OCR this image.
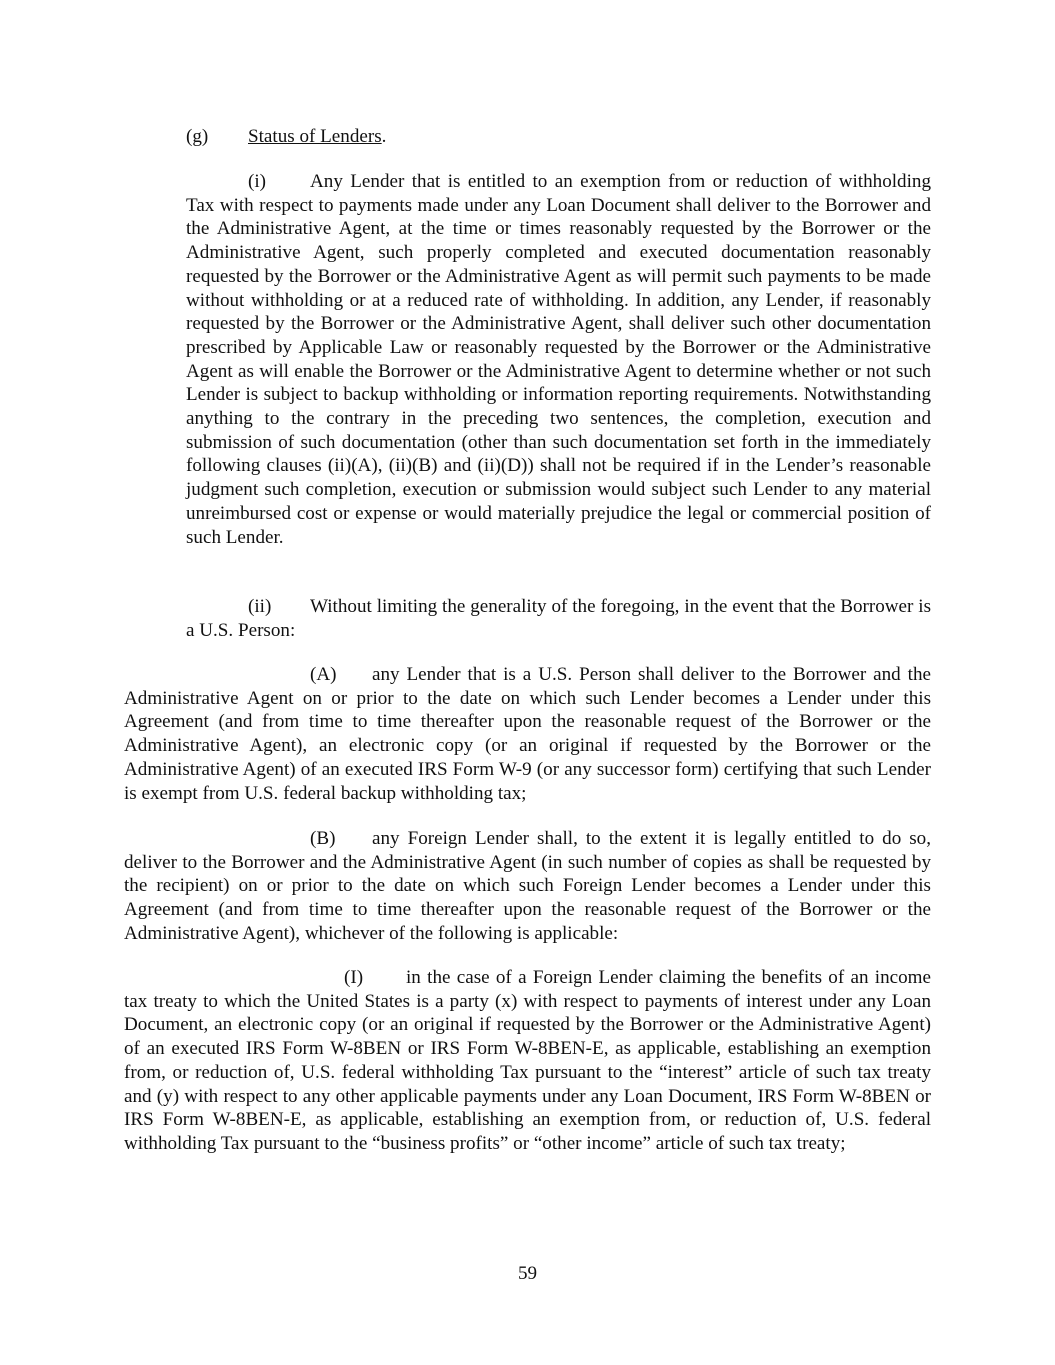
(g) Status of Lenders.

(i) Any Lender that is entitled to an exemption from or reduction of withholding Tax with respect to payments made under any Loan Document shall deliver to the Borrower and the Administrative Agent, at the time or times reasonably requested by the Borrower or the Administrative Agent, such properly completed and executed documentation reasonably requested by the Borrower or the Administrative Agent as will permit such payments to be made without withholding or at a reduced rate of withholding. In addition, any Lender, if reasonably requested by the Borrower or the Administrative Agent, shall deliver such other documentation prescribed by Applicable Law or reasonably requested by the Borrower or the Administrative Agent as will enable the Borrower or the Administrative Agent to determine whether or not such Lender is subject to backup withholding or information reporting requirements. Notwithstanding anything to the contrary in the preceding two sentences, the completion, execution and submission of such documentation (other than such documentation set forth in the immediately following clauses (ii)(A), (ii)(B) and (ii)(D)) shall not be required if in the Lender’s reasonable judgment such completion, execution or submission would subject such Lender to any material unreimbursed cost or expense or would materially prejudice the legal or commercial position of such Lender.

(ii) Without limiting the generality of the foregoing, in the event that the Borrower is a U.S. Person:

(A) any Lender that is a U.S. Person shall deliver to the Borrower and the Administrative Agent on or prior to the date on which such Lender becomes a Lender under this Agreement (and from time to time thereafter upon the reasonable request of the Borrower or the Administrative Agent), an electronic copy (or an original if requested by the Borrower or the Administrative Agent) of an executed IRS Form W-9 (or any successor form) certifying that such Lender is exempt from U.S. federal backup withholding tax;

(B) any Foreign Lender shall, to the extent it is legally entitled to do so, deliver to the Borrower and the Administrative Agent (in such number of copies as shall be requested by the recipient) on or prior to the date on which such Foreign Lender becomes a Lender under this Agreement (and from time to time thereafter upon the reasonable request of the Borrower or the Administrative Agent), whichever of the following is applicable:

(I) in the case of a Foreign Lender claiming the benefits of an income tax treaty to which the United States is a party (x) with respect to payments of interest under any Loan Document, an electronic copy (or an original if requested by the Borrower or the Administrative Agent) of an executed IRS Form W-8BEN or IRS Form W-8BEN-E, as applicable, establishing an exemption from, or reduction of, U.S. federal withholding Tax pursuant to the “interest” article of such tax treaty and (y) with respect to any other applicable payments under any Loan Document, IRS Form W-8BEN or IRS Form W-8BEN-E, as applicable, establishing an exemption from, or reduction of, U.S. federal withholding Tax pursuant to the “business profits” or “other income” article of such tax treaty;

59
